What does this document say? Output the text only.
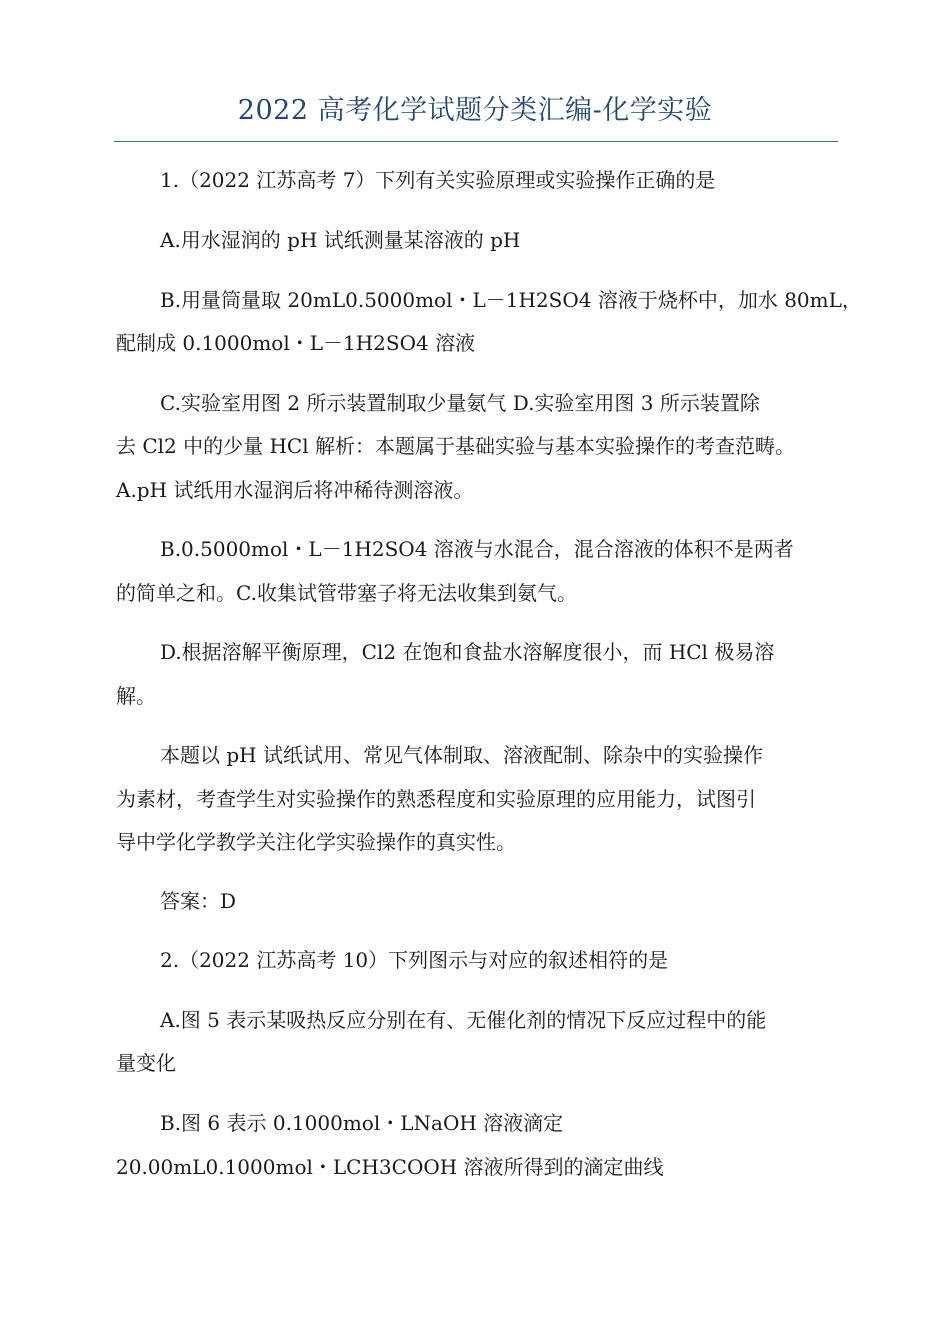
2022 高考化学试题分类汇编-化学实验
1.（2022 江苏高考 7）下列有关实验原理或实验操作正确的是
A.用水湿润的 pH 试纸测量某溶液的 pH
B.用量筒量取 20mL0.5000mol・L－1H2SO4 溶液于烧杯中，加水 80mL，
配制成 0.1000mol・L－1H2SO4 溶液
C.实验室用图 2 所示装置制取少量氨气 D.实验室用图 3 所示装置除
去 Cl2 中的少量 HCl 解析：本题属于基础实验与基本实验操作的考查范畴。
A.pH 试纸用水湿润后将冲稀待测溶液。
B.0.5000mol・L－1H2SO4 溶液与水混合，混合溶液的体积不是两者
的简单之和。C.收集试管带塞子将无法收集到氨气。
D.根据溶解平衡原理，Cl2 在饱和食盐水溶解度很小，而 HCl 极易溶
解。
本题以 pH 试纸试用、常见气体制取、溶液配制、除杂中的实验操作
为素材，考查学生对实验操作的熟悉程度和实验原理的应用能力，试图引
导中学化学教学关注化学实验操作的真实性。
答案：D
2.（2022 江苏高考 10）下列图示与对应的叙述相符的是
A.图 5 表示某吸热反应分别在有、无催化剂的情况下反应过程中的能
量变化
B.图 6 表示 0.1000mol・LNaOH 溶液滴定
20.00mL0.1000mol・LCH3COOH 溶液所得到的滴定曲线
